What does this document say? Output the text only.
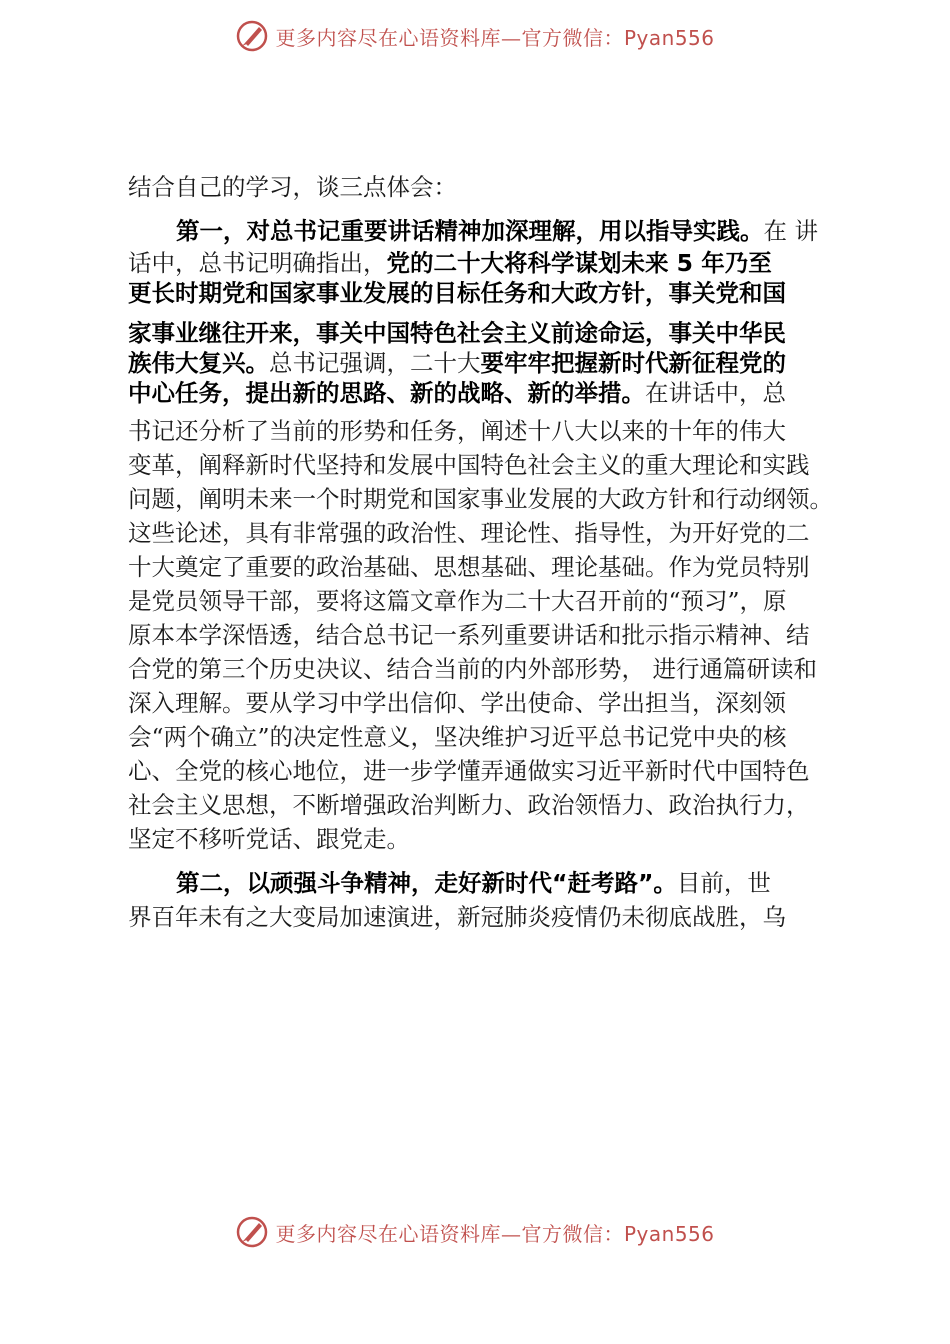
更多内容尽在心语资料库—官方微信：Pyan556
结合自己的学习，谈三点体会：
第一，对总书记重要讲话精神加深理解，用以指导实践。在 讲
话中，总书记明确指出，党的二十大将科学谋划未来 5 年乃至
更长时期党和国家事业发展的目标任务和大政方针，事关党和国
家事业继往开来，事关中国特色社会主义前途命运，事关中华民
族伟大复兴。总书记强调，二十大要牢牢把握新时代新征程党的
中心任务，提出新的思路、新的战略、新的举措。在讲话中，总
书记还分析了当前的形势和任务，阐述十八大以来的十年的伟大
变革，阐释新时代坚持和发展中国特色社会主义的重大理论和实践
问题，阐明未来一个时期党和国家事业发展的大政方针和行动纲领。
这些论述，具有非常强的政治性、理论性、指导性，为开好党的二
十大奠定了重要的政治基础、思想基础、理论基础。作为党员特别
是党员领导干部，要将这篇文章作为二十大召开前的“预习”，原
原本本学深悟透，结合总书记一系列重要讲话和批示指示精神、结
合党的第三个历史决议、结合当前的内外部形势， 进行通篇研读和
深入理解。要从学习中学出信仰、学出使命、学出担当，深刻领
会“两个确立”的决定性意义，坚决维护习近平总书记党中央的核
心、全党的核心地位，进一步学懂弄通做实习近平新时代中国特色
社会主义思想，不断增强政治判断力、政治领悟力、政治执行力，
坚定不移听党话、跟党走。
第二，以顽强斗争精神，走好新时代“赶考路”。目前，世
界百年未有之大变局加速演进，新冠肺炎疫情仍未彻底战胜，乌
更多内容尽在心语资料库—官方微信：Pyan556
